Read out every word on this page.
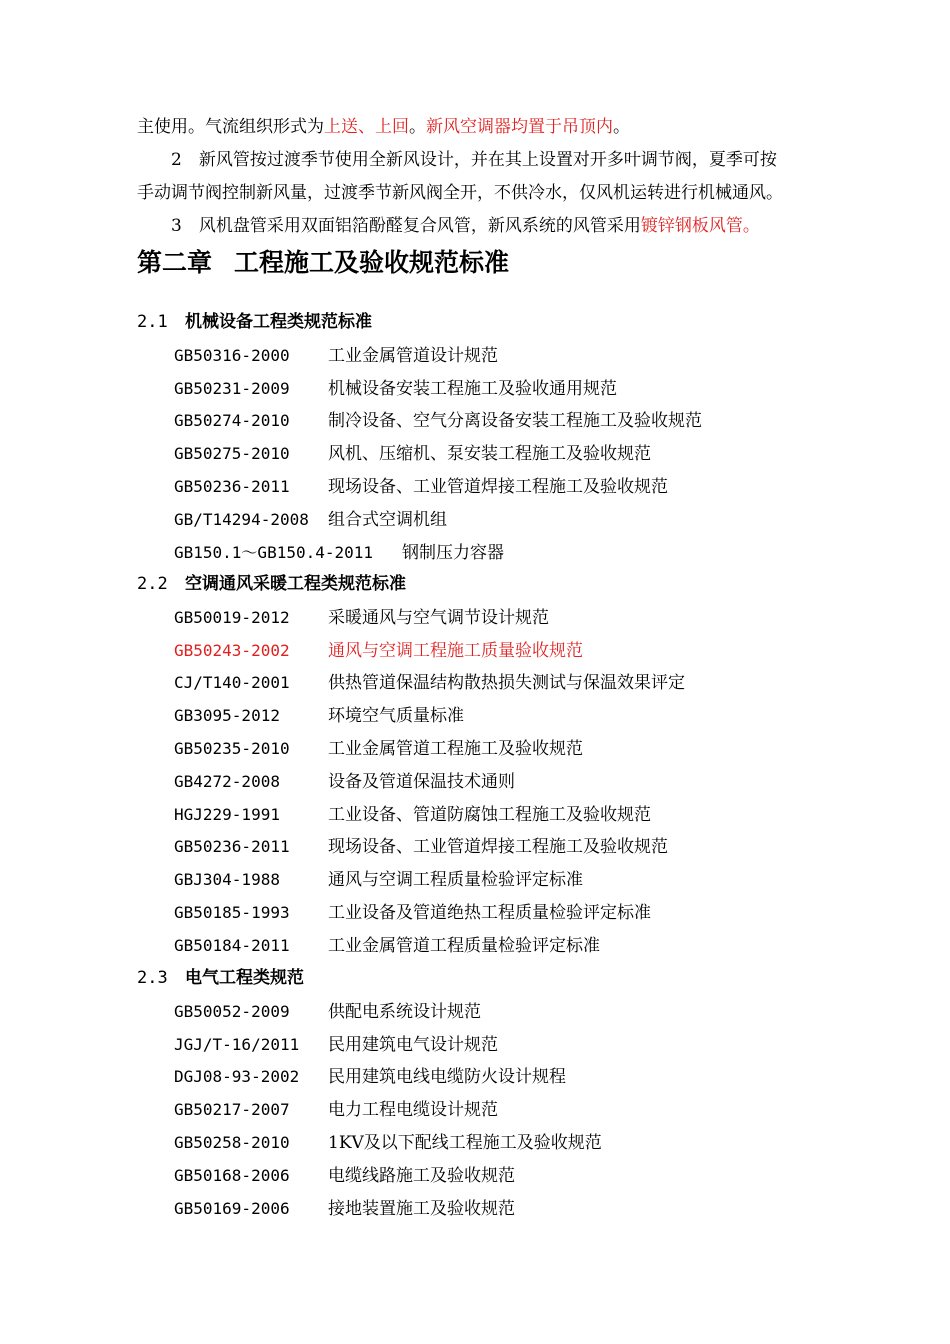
主使用。气流组织形式为上送、上回。新风空调器均置于吊顶内。
　　2　新风管按过渡季节使用全新风设计，并在其上设置对开多叶调节阀，夏季可按
手动调节阀控制新风量，过渡季节新风阀全开，不供冷水，仅风机运转进行机械通风。
　　3　风机盘管采用双面铝箔酚醛复合风管，新风系统的风管采用镀锌钢板风管。
第二章 工程施工及验收规范标准
2.1 机械设备工程类规范标准
GB50316-2000 工业金属管道设计规范
GB50231-2009 机械设备安装工程施工及验收通用规范
GB50274-2010 制冷设备、空气分离设备安装工程施工及验收规范
GB50275-2010 风机、压缩机、泵安装工程施工及验收规范
GB50236-2011 现场设备、工业管道焊接工程施工及验收规范
GB/T14294-2008 组合式空调机组
GB150.1～GB150.4-2011 钢制压力容器
2.2 空调通风采暖工程类规范标准
GB50019-2012 采暖通风与空气调节设计规范
GB50243-2002 通风与空调工程施工质量验收规范
CJ/T140-2001 供热管道保温结构散热损失测试与保温效果评定
GB3095-2012	环境空气质量标准
GB50235-2010 工业金属管道工程施工及验收规范
GB4272-2008	设备及管道保温技术通则
HGJ229-1991	工业设备、管道防腐蚀工程施工及验收规范
GB50236-2011 现场设备、工业管道焊接工程施工及验收规范
GBJ304-1988	通风与空调工程质量检验评定标准
GB50185-1993 工业设备及管道绝热工程质量检验评定标准
GB50184-2011 工业金属管道工程质量检验评定标准
2.3 电气工程类规范
GB50052-2009 供配电系统设计规范
JGJ/T-16/2011 民用建筑电气设计规范
DGJ08-93-2002 民用建筑电线电缆防火设计规程
GB50217-2007 电力工程电缆设计规范
GB50258-2010 1KV及以下配线工程施工及验收规范
GB50168-2006 电缆线路施工及验收规范
GB50169-2006 接地装置施工及验收规范
